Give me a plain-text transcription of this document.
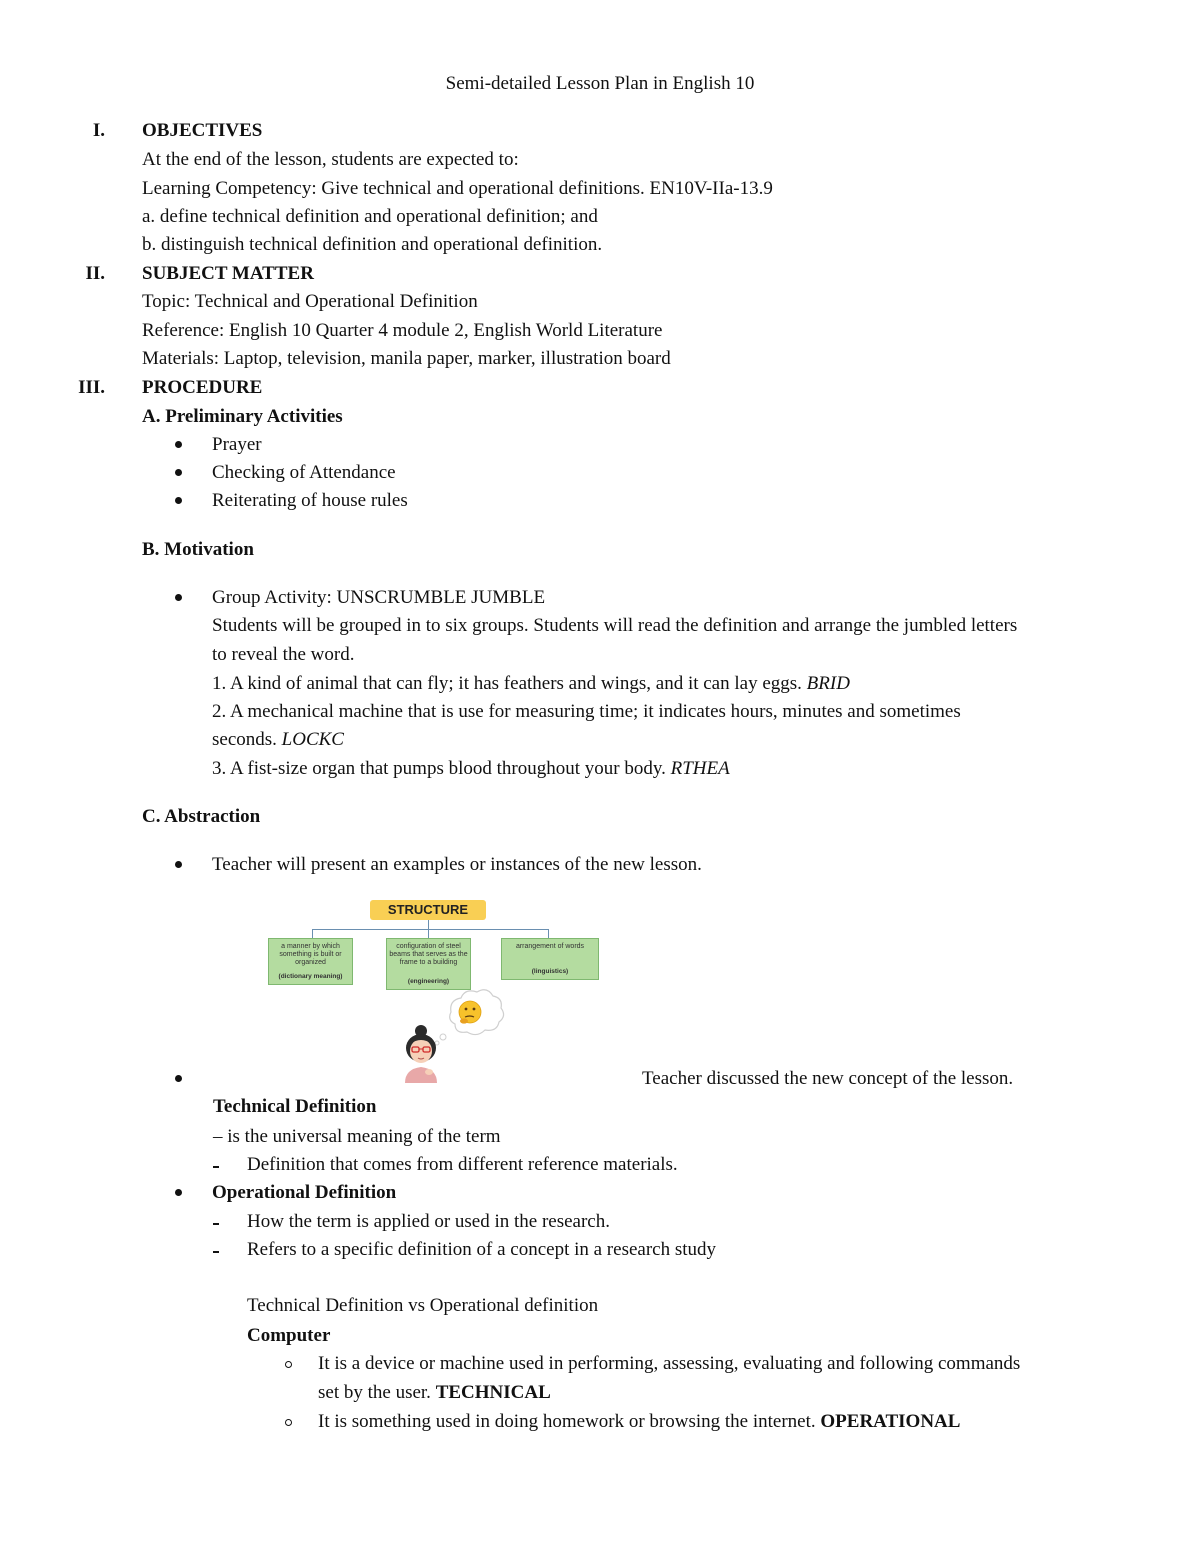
Semi-detailed Lesson Plan in English 10
I. OBJECTIVES
At the end of the lesson, students are expected to:
Learning Competency: Give technical and operational definitions. EN10V-IIa-13.9
a. define technical definition and operational definition; and
b. distinguish technical definition and operational definition.
II. SUBJECT MATTER
Topic: Technical and Operational Definition
Reference: English 10 Quarter 4 module 2, English World Literature
Materials: Laptop, television, manila paper, marker, illustration board
III. PROCEDURE
A. Preliminary Activities
Prayer
Checking of Attendance
Reiterating of house rules
B. Motivation
Group Activity: UNSCRUMBLE JUMBLE
Students will be grouped in to six groups. Students will read the definition and arrange the jumbled letters
to reveal the word.
1. A kind of animal that can fly; it has feathers and wings, and it can lay eggs. BRID
2. A mechanical machine that is use for measuring time; it indicates hours, minutes and sometimes
seconds. LOCKC
3. A fist-size organ that pumps blood throughout your body. RTHEA
C. Abstraction
Teacher will present an examples or instances of the new lesson.
STRUCTURE
a manner by which something is built or organized
(dictionary meaning)
configuration of steel beams that serves as the frame to a building
(engineering)
arrangement of words
(linguistics)
Teacher discussed the new concept of the lesson.
Technical Definition
– is the universal meaning of the term
Definition that comes from different reference materials.
Operational Definition
How the term is applied or used in the research.
Refers to a specific definition of a concept in a research study
Technical Definition vs Operational definition
Computer
It is a device or machine used in performing, assessing, evaluating and following commands
set by the user. TECHNICAL
It is something used in doing homework or browsing the internet. OPERATIONAL
